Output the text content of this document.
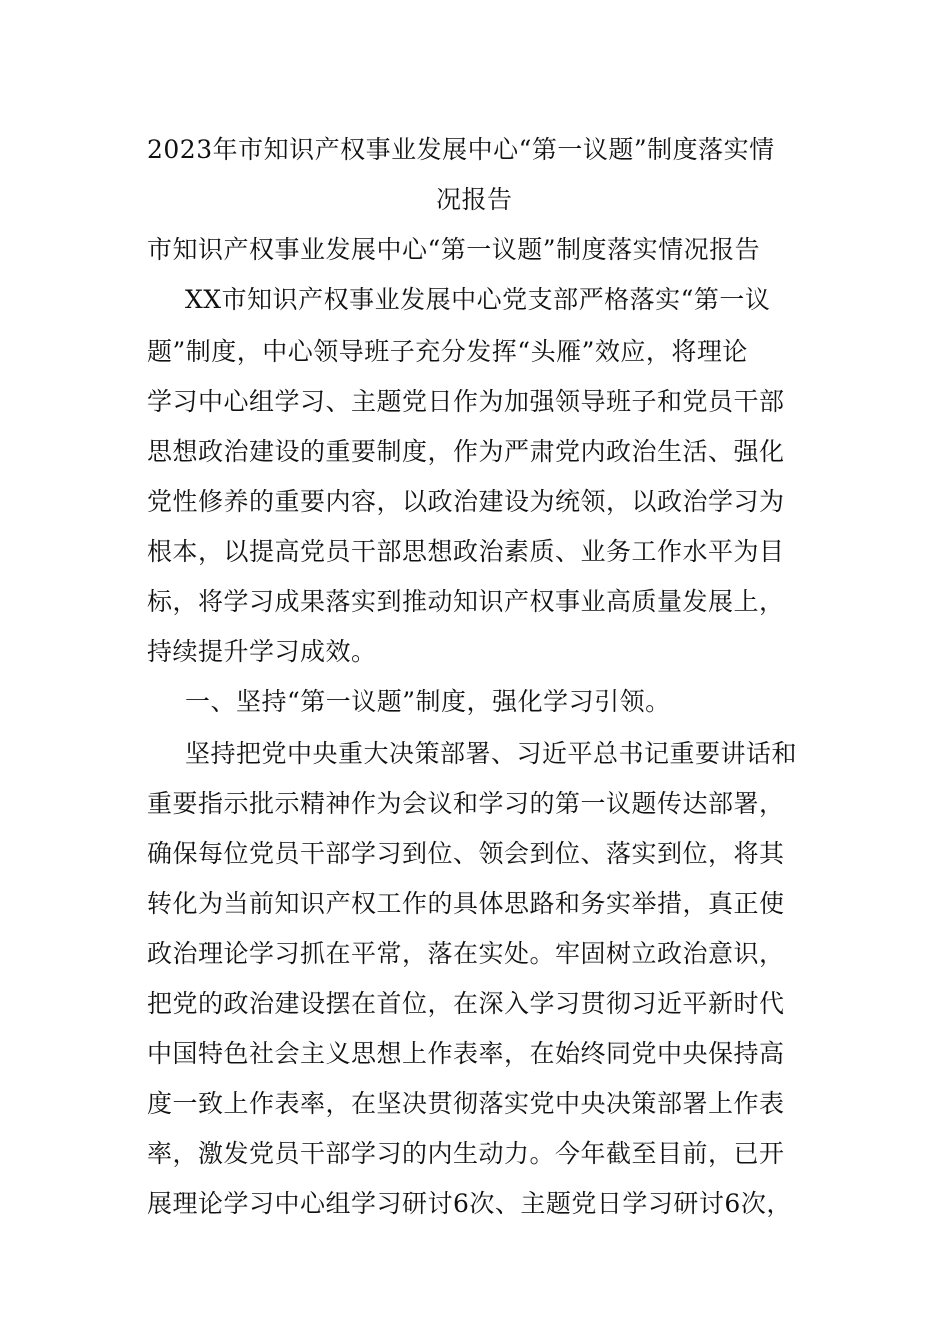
2023年市知识产权事业发展中心“第一议题”制度落实情
况报告
市知识产权事业发展中心“第一议题”制度落实情况报告
XX市知识产权事业发展中心党支部严格落实“第一议
题”制度，中心领导班子充分发挥“头雁”效应，将理论
学习中心组学习、主题党日作为加强领导班子和党员干部
思想政治建设的重要制度，作为严肃党内政治生活、强化
党性修养的重要内容，以政治建设为统领，以政治学习为
根本，以提高党员干部思想政治素质、业务工作水平为目
标，将学习成果落实到推动知识产权事业高质量发展上，
持续提升学习成效。
一、坚持“第一议题”制度，强化学习引领。
坚持把党中央重大决策部署、习近平总书记重要讲话和
重要指示批示精神作为会议和学习的第一议题传达部署，
确保每位党员干部学习到位、领会到位、落实到位，将其
转化为当前知识产权工作的具体思路和务实举措，真正使
政治理论学习抓在平常，落在实处。牢固树立政治意识，
把党的政治建设摆在首位，在深入学习贯彻习近平新时代
中国特色社会主义思想上作表率，在始终同党中央保持高
度一致上作表率，在坚决贯彻落实党中央决策部署上作表
率，激发党员干部学习的内生动力。今年截至目前，已开
展理论学习中心组学习研讨6次、主题党日学习研讨6次，
